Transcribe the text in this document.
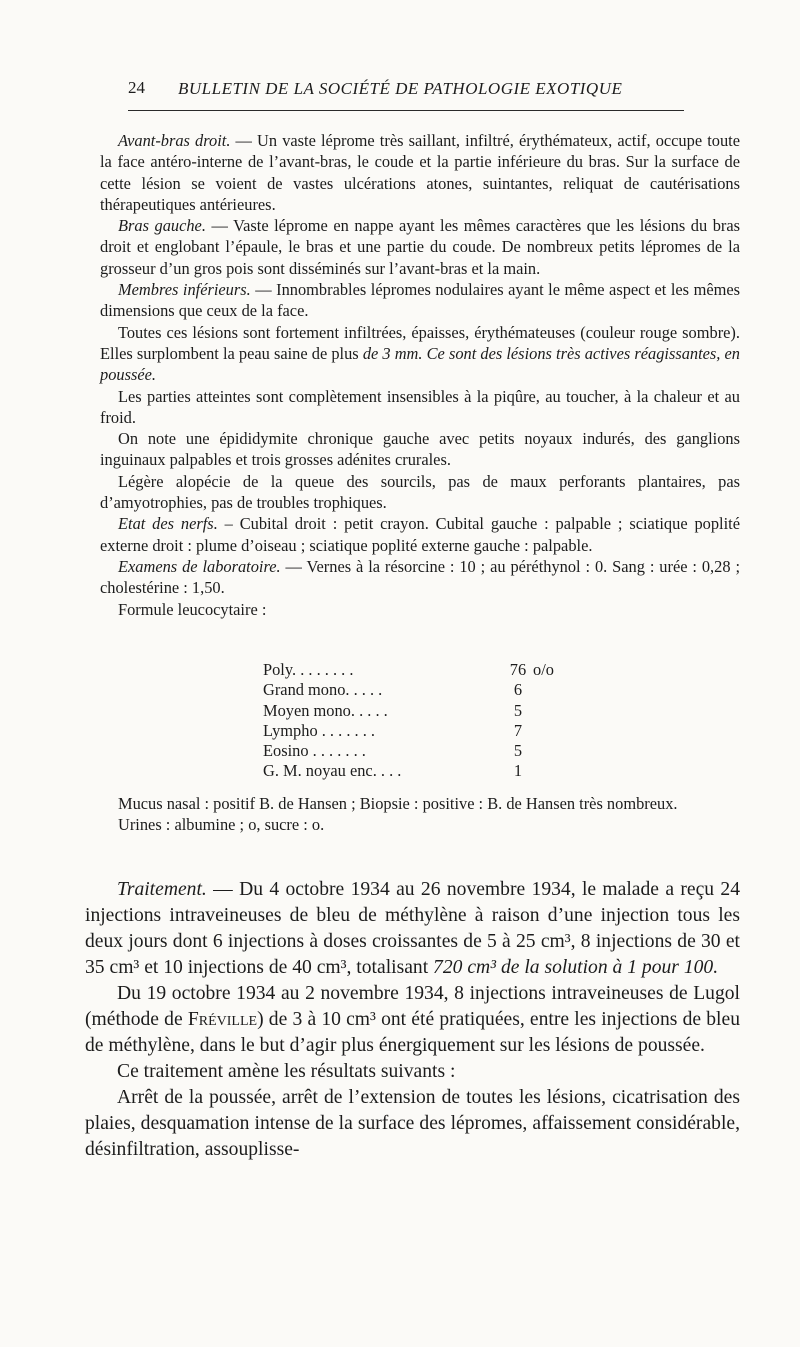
24 BULLETIN DE LA SOCIÉTÉ DE PATHOLOGIE EXOTIQUE

Avant-bras droit. — Un vaste léprome très saillant, infiltré, érythémateux, actif, occupe toute la face antéro-interne de l’avant-bras, le coude et la partie inférieure du bras. Sur la surface de cette lésion se voient de vastes ulcérations atones, suintantes, reliquat de cautérisations thérapeutiques antérieures.

Bras gauche. — Vaste léprome en nappe ayant les mêmes caractères que les lésions du bras droit et englobant l’épaule, le bras et une partie du coude. De nombreux petits lépromes de la grosseur d’un gros pois sont disséminés sur l’avant-bras et la main.

Membres inférieurs. — Innombrables lépromes nodulaires ayant le même aspect et les mêmes dimensions que ceux de la face.

Toutes ces lésions sont fortement infiltrées, épaisses, érythémateuses (couleur rouge sombre). Elles surplombent la peau saine de plus de 3 mm. Ce sont des lésions très actives réagissantes, en poussée.

Les parties atteintes sont complètement insensibles à la piqûre, au toucher, à la chaleur et au froid.

On note une épididymite chronique gauche avec petits noyaux indurés, des ganglions inguinaux palpables et trois grosses adénites crurales.

Légère alopécie de la queue des sourcils, pas de maux perforants plantaires, pas d’amyotrophies, pas de troubles trophiques.

Etat des nerfs. – Cubital droit : petit crayon. Cubital gauche : palpable ; sciatique poplité externe droit : plume d’oiseau ; sciatique poplité externe gauche : palpable.

Examens de laboratoire. — Vernes à la résorcine : 10 ; au péréthynol : 0. Sang : urée : 0,28 ; cholestérine : 1,50.

Formule leucocytaire :

Poly. . . . . . . .	76 o/o
Grand mono. . . . .	6
Moyen mono. . . . .	5
Lympho . . . . . . .	7
Eosino . . . . . . .	5
G. M. noyau enc. . . .	1

Mucus nasal : positif B. de Hansen ; Biopsie : positive : B. de Hansen très nombreux.

Urines : albumine ; o, sucre : o.

Traitement. — Du 4 octobre 1934 au 26 novembre 1934, le malade a reçu 24 injections intraveineuses de bleu de méthylène à raison d’une injection tous les deux jours dont 6 injections à doses croissantes de 5 à 25 cm³, 8 injections de 30 et 35 cm³ et 10 injections de 40 cm³, totalisant 720 cm³ de la solution à 1 pour 100.

Du 19 octobre 1934 au 2 novembre 1934, 8 injections intraveineuses de Lugol (méthode de Fréville) de 3 à 10 cm³ ont été pratiquées, entre les injections de bleu de méthylène, dans le but d’agir plus énergiquement sur les lésions de poussée.

Ce traitement amène les résultats suivants :

Arrêt de la poussée, arrêt de l’extension de toutes les lésions, cicatrisation des plaies, desquamation intense de la surface des lépromes, affaissement considérable, désinfiltration, assouplisse-
